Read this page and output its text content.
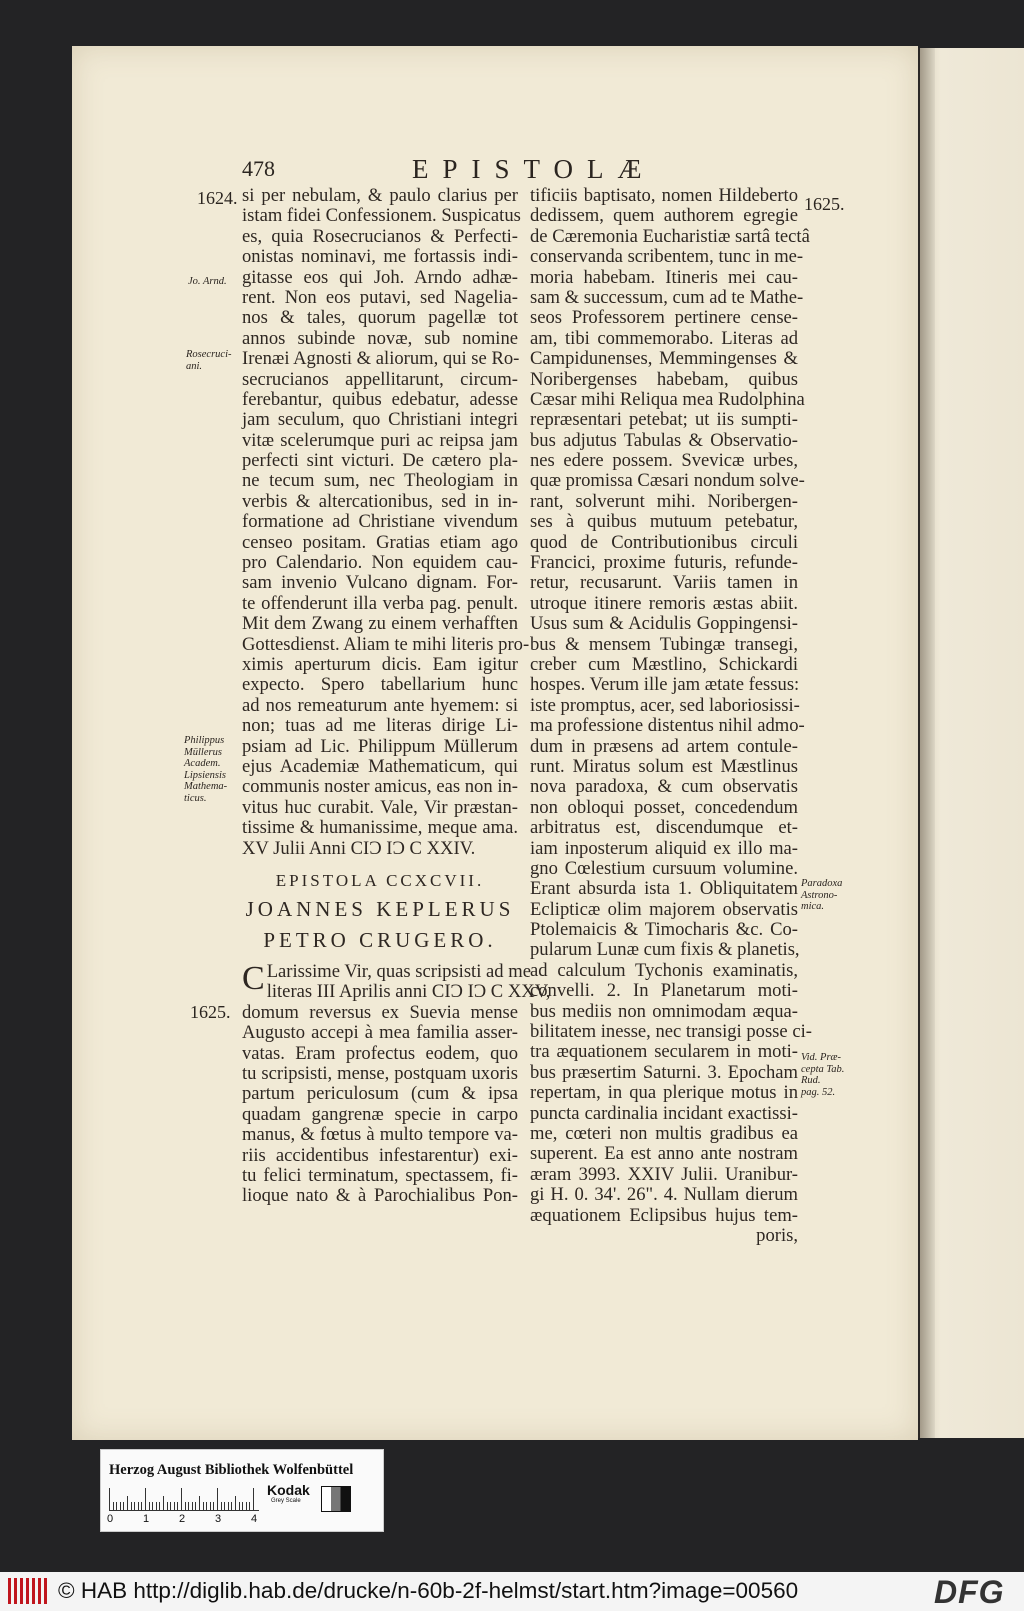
478	EPISTOLÆ
1624.	1625.
1625.
Jo. Arnd.
Rosecruci-
ani.
Philippus
Müllerus
Academ.
Lipsiensis
Mathema-
ticus.
Paradoxa
Astrono-
mica.
Vid. Præ-
cepta Tab.
Rud.
pag. 52.
si per nebulam, & paulo clarius per
istam fidei Confessionem. Suspicatus
es, quia Rosecrucianos & Perfecti-
onistas nominavi, me fortassis indi-
gitasse eos qui Joh. Arndo adhæ-
rent. Non eos putavi, sed Nageliа-
nos & tales, quorum pagellæ tot
annos subinde novæ, sub nomine
Irenæi Agnosti & aliorum, qui se Ro-
secrucianos appellitarunt, circum-
ferebantur, quibus edebatur, adesse
jam seculum, quo Christiani integri
vitæ scelerumque puri ac reipsa jam
perfecti sint victuri. De cætero pla-
ne tecum sum, nec Theologiam in
verbis & altercationibus, sed in in-
formatione ad Christiane vivendum
censeo positam. Gratias etiam ago
pro Calendario. Non equidem cau-
sam invenio Vulcano dignam. For-
te offenderunt illa verba pag. penult.
Mit dem Zwang zu einem verhafften
Gottesdienst. Aliam te mihi literis pro-
ximis aperturum dicis. Eam igitur
expecto. Spero tabellarium hunc
ad nos remeaturum ante hyemem: si
non; tuas ad me literas dirige Li-
psiam ad Lic. Philippum Müllerum
ejus Academiæ Mathematicum, qui
communis noster amicus, eas non in-
vitus huc curabit. Vale, Vir præstan-
tissime & humanissime, meque ama.
XV Julii Anni CIƆ IƆ C XXIV.
EPISTOLA CCXCVII.
JOANNES KEPLERUS
PETRO CRUGERO.
C Larissime Vir, quas scripsisti ad me
literas III Aprilis anni CIƆ IƆ C XXV,
domum reversus ex Suevia mense
Augusto accepi à mea familia asser-
vatas. Eram profectus eodem, quo
tu scripsisti, mense, postquam uxoris
partum periculosum (cum & ipsa
quadam gangrenæ specie in carpo
manus, & fœtus à multo tempore va-
riis accidentibus infestarentur) exi-
tu felici terminatum, spectassem, fi-
lioque nato & à Parochialibus Pon-
tificiis baptisato, nomen Hildeberto
dedissem, quem authorem egregie
de Cæremonia Eucharistiæ sartâ tectâ
conservanda scribentem, tunc in me-
moria habebam. Itineris mei cau-
sam & successum, cum ad te Mathe-
seos Professorem pertinere cense-
am, tibi commemorabo. Literas ad
Campidunenses, Memmingenses &
Noribergenses habebam, quibus
Cæsar mihi Reliqua mea Rudolphina
repræsentari petebat; ut iis sumpti-
bus adjutus Tabulas & Observatio-
nes edere possem. Svevicæ urbes,
quæ promissa Cæsari nondum solve-
rant, solverunt mihi. Noribergen-
ses à quibus mutuum petebatur,
quod de Contributionibus circuli
Francici, proxime futuris, refunde-
retur, recusarunt. Variis tamen in
utroque itinere remoris æstas abiit.
Usus sum & Acidulis Goppingensi-
bus & mensem Tubingæ transegi,
creber cum Mæstlino, Schickardi
hospes. Verum ille jam ætate fessus:
iste promptus, acer, sed laboriosissi-
ma professione distentus nihil admo-
dum in præsens ad artem contule-
runt. Miratus solum est Mæstlinus
nova paradoxa, & cum observatis
non obloqui posset, concedendum
arbitratus est, discendumque et-
iam inposterum aliquid ex illo ma-
gno Cœlestium cursuum volumine.
Erant absurda ista 1. Obliquitatem
Eclipticæ olim majorem observatis
Ptolemaicis & Timocharis &c. Co-
pularum Lunæ cum fixis & planetis,
ad calculum Tychonis examinatis,
convelli. 2. In Planetarum moti-
bus mediis non omnimodam æqua-
bilitatem inesse, nec transigi posse ci-
tra æquationem secularem in moti-
bus præsertim Saturni. 3. Epocham
repertam, in qua plerique motus in
puncta cardinalia incidant exactissi-
me, cœteri non multis gradibus ea
superent. Ea est anno ante nostram
æram 3993. XXIV Julii. Uranibur-
gi H. 0. 34'. 26". 4. Nullam dierum
æquationem Eclipsibus hujus tem-
poris,
Herzog August Bibliothek Wolfenbüttel
0	1	2	3	4
Kodak
Grey Scale
© HAB http://diglib.hab.de/drucke/n-60b-2f-helmst/start.htm?image=00560	DFG
